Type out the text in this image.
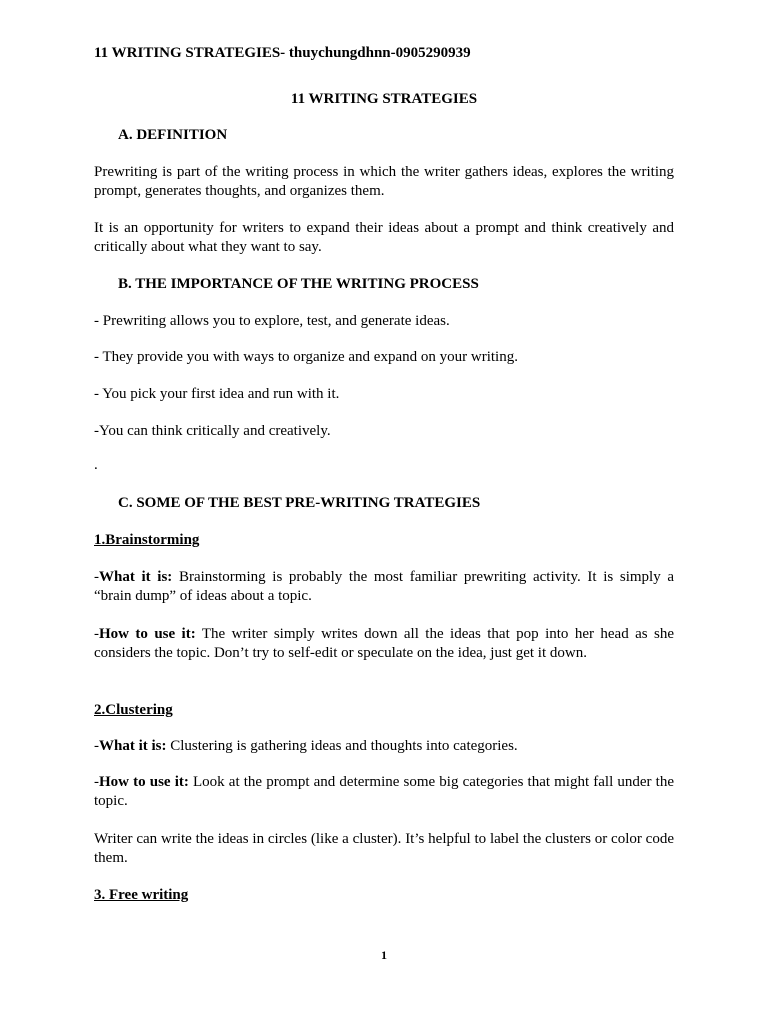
11 WRITING STRATEGIES- thuychungdhnn-0905290939

11 WRITING STRATEGIES

A. DEFINITION

Prewriting is part of the writing process in which the writer gathers ideas, explores the writing prompt, generates thoughts, and organizes them.

It is an opportunity for writers to expand their ideas about a prompt and think creatively and critically about what they want to say.

B. THE IMPORTANCE OF THE WRITING PROCESS

- Prewriting allows you to explore, test, and generate ideas.

- They provide you with ways to organize and expand on your writing.

- You pick your first idea and run with it.

-You can think critically and creatively.

.

C. SOME OF THE BEST PRE-WRITING TRATEGIES

1.Brainstorming

-What it is: Brainstorming is probably the most familiar prewriting activity. It is simply a “brain dump” of ideas about a topic.

-How to use it: The writer simply writes down all the ideas that pop into her head as she considers the topic. Don’t try to self-edit or speculate on the idea, just get it down.

2.Clustering

-What it is: Clustering is gathering ideas and thoughts into categories.

-How to use it: Look at the prompt and determine some big categories that might fall under the topic.

Writer can write the ideas in circles (like a cluster). It’s helpful to label the clusters or color code them.

3. Free writing

1
